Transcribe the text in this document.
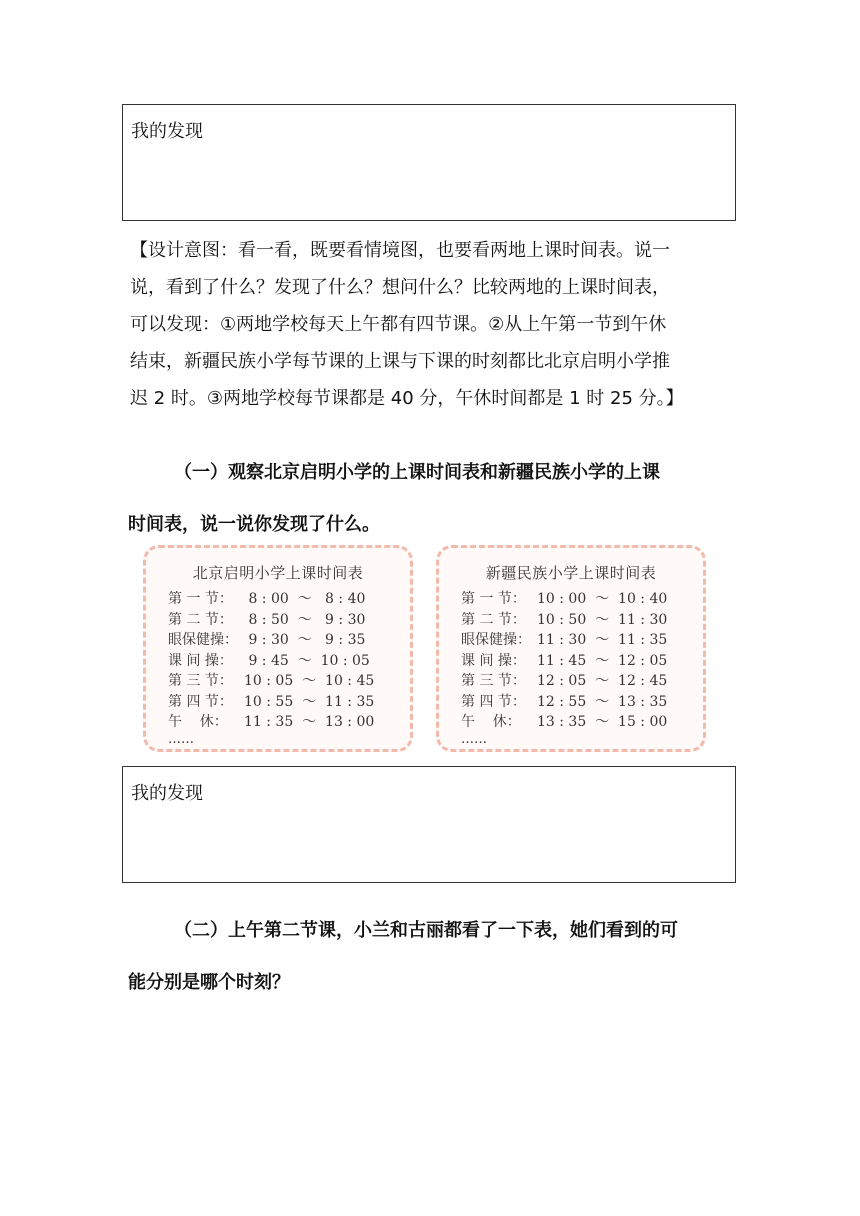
我的发现
【设计意图：看一看，既要看情境图，也要看两地上课时间表。说一
说，看到了什么？发现了什么？想问什么？比较两地的上课时间表，
可以发现：①两地学校每天上午都有四节课。②从上午第一节到午休
结束，新疆民族小学每节课的上课与下课的时刻都比北京启明小学推
迟 2 时。③两地学校每节课都是 40 分，午休时间都是 1 时 25 分。】
（一）观察北京启明小学的上课时间表和新疆民族小学的上课
时间表，说一说你发现了什么。
北京启明小学上课时间表
第 一 节： 8 : 00  ～   8 : 40
第 二 节： 8 : 50  ～   9 : 30
眼保健操： 9 : 30  ～   9 : 35
课 间 操： 9 : 45  ～  10 : 05
第 三 节： 10 : 05  ～  10 : 45
第 四 节： 10 : 55  ～  11 : 35
午    休：	11 : 35  ～  13 : 00
……
新疆民族小学上课时间表
第 一 节： 10 : 00  ～  10 : 40
第 二 节： 10 : 50  ～  11 : 30
眼保健操： 11 : 30  ～  11 : 35
课 间 操： 11 : 45  ～  12 : 05
第 三 节： 12 : 05  ～  12 : 45
第 四 节： 12 : 55  ～  13 : 35
午    休：	13 : 35  ～  15 : 00
……
我的发现
（二）上午第二节课，小兰和古丽都看了一下表，她们看到的可
能分别是哪个时刻？
